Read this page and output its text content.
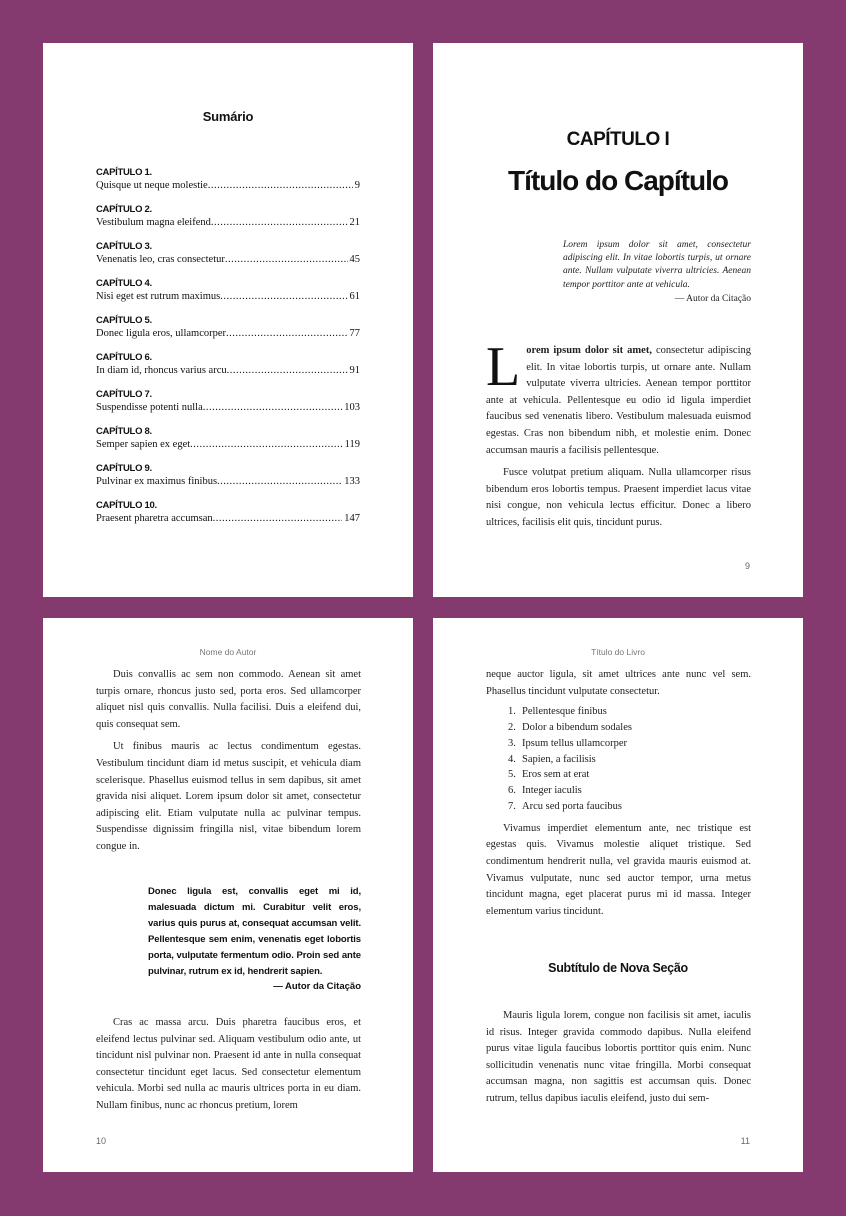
Sumário
CAPÍTULO 1.
Quisque ut neque molestie .....	9
CAPÍTULO 2.
Vestibulum magna eleifend .....	21
CAPÍTULO 3.
Venenatis leo, cras consectetur .....	45
CAPÍTULO 4.
Nisi eget est rutrum maximus .....	61
CAPÍTULO 5.
Donec ligula eros, ullamcorper .....	77
CAPÍTULO 6.
In diam id, rhoncus varius arcu .....	91
CAPÍTULO 7.
Suspendisse potenti nulla .....	103
CAPÍTULO 8.
Semper sapien ex eget .....	119
CAPÍTULO 9.
Pulvinar ex maximus finibus .....	133
CAPÍTULO 10.
Praesent pharetra accumsan .....	147
CAPÍTULO I
Título do Capítulo
Lorem ipsum dolor sit amet, consectetur adipiscing elit. In vitae lobortis turpis, ut ornare ante. Nullam vulputate viverra ultricies. Aenean tempor porttitor ante at vehicula.
— Autor da Citação

Lorem ipsum dolor sit amet, consectetur adipiscing elit. In vitae lobortis turpis, ut ornare ante. Nullam vulputate viverra ultricies. Aenean tempor porttitor ante at vehicula. Pellentesque eu odio id ligula imperdiet faucibus sed venenatis libero. Vestibulum malesuada euismod egestas. Cras non bibendum nibh, et molestie enim. Donec accumsan mauris a facilisis pellentesque.

Fusce volutpat pretium aliquam. Nulla ullamcorper risus bibendum eros lobortis tempus. Praesent imperdiet lacus vitae nisi congue, non vehicula lectus efficitur. Donec a libero ultrices, facilisis elit quis, tincidunt purus.

9
Nome do Autor

Duis convallis ac sem non commodo. Aenean sit amet turpis ornare, rhoncus justo sed, porta eros. Sed ullamcorper aliquet nisl quis convallis. Nulla facilisi. Duis a eleifend dui, quis consequat sem.

Ut finibus mauris ac lectus condimentum egestas. Vestibulum tincidunt diam id metus suscipit, et vehicula diam scelerisque. Phasellus euismod tellus in sem dapibus, sit amet gravida nisi aliquet. Lorem ipsum dolor sit amet, consectetur adipiscing elit. Etiam vulputate nulla ac pulvinar tempus. Suspendisse dignissim fringilla nisl, vitae bibendum lorem congue in.

Donec ligula est, convallis eget mi id, malesuada dictum mi. Curabitur velit eros, varius quis purus at, consequat accumsan velit. Pellentesque sem enim, venenatis eget lobortis porta, vulputate fermentum odio. Proin sed ante pulvinar, rutrum ex id, hendrerit sapien.
— Autor da Citação

Cras ac massa arcu. Duis pharetra faucibus eros, et eleifend lectus pulvinar sed. Aliquam vestibulum odio ante, ut tincidunt nisl pulvinar non. Praesent id ante in nulla consequat consectetur tincidunt eget lacus. Sed consectetur elementum vehicula. Morbi sed nulla ac mauris ultrices porta in eu diam. Nullam finibus, nunc ac rhoncus pretium, lorem

10
Título do Livro

neque auctor ligula, sit amet ultrices ante nunc vel sem. Phasellus tincidunt vulputate consectetur.

1. Pellentesque finibus
2. Dolor a bibendum sodales
3. Ipsum tellus ullamcorper
4. Sapien, a facilisis
5. Eros sem at erat
6. Integer iaculis
7. Arcu sed porta faucibus

Vivamus imperdiet elementum ante, nec tristique est egestas quis. Vivamus molestie aliquet tristique. Sed condimentum hendrerit nulla, vel gravida mauris euismod at. Vivamus vulputate, nunc sed auctor tempor, urna metus tincidunt magna, eget placerat purus mi id massa. Integer elementum varius tincidunt.

Subtítulo de Nova Seção

Mauris ligula lorem, congue non facilisis sit amet, iaculis id risus. Integer gravida commodo dapibus. Nulla eleifend purus vitae ligula faucibus lobortis porttitor quis enim. Nunc sollicitudin venenatis nunc vitae fringilla. Morbi consequat accumsan magna, non sagittis est accumsan quis. Donec rutrum, tellus dapibus iaculis eleifend, justo dui sem-

11
